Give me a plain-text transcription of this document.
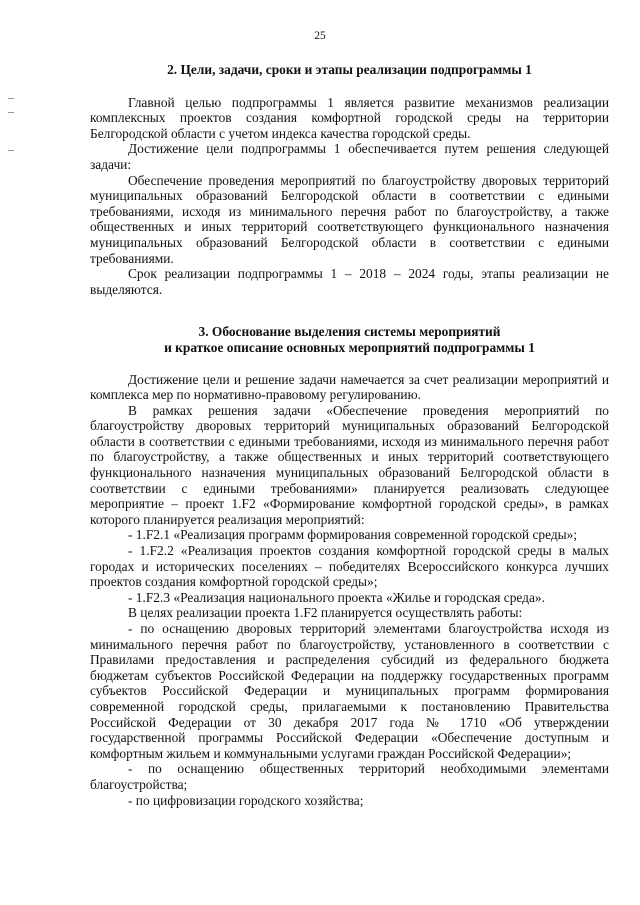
25
2. Цели, задачи, сроки и этапы реализации подпрограммы 1

Главной целью подпрограммы 1 является развитие механизмов реализации комплексных проектов создания комфортной городской среды на территории Белгородской области с учетом индекса качества городской среды.

Достижение цели подпрограммы 1 обеспечивается путем решения следующей задачи:

Обеспечение проведения мероприятий по благоустройству дворовых территорий муниципальных образований Белгородской области в соответствии с едиными требованиями, исходя из минимального перечня работ по благоустройству, а также общественных и иных территорий соответствующего функционального назначения муниципальных образований Белгородской области в соответствии с едиными требованиями.

Срок реализации подпрограммы 1 – 2018 – 2024 годы, этапы реализации не выделяются.

3. Обоснование выделения системы мероприятий
и краткое описание основных мероприятий подпрограммы 1

Достижение цели и решение задачи намечается за счет реализации мероприятий и комплекса мер по нормативно-правовому регулированию.

В рамках решения задачи «Обеспечение проведения мероприятий по благоустройству дворовых территорий муниципальных образований Белгородской области в соответствии с едиными требованиями, исходя из минимального перечня работ по благоустройству, а также общественных и иных территорий соответствующего функционального назначения муниципальных образований Белгородской области в соответствии с едиными требованиями» планируется реализовать следующее мероприятие – проект 1.F2 «Формирование комфортной городской среды», в рамках которого планируется реализация мероприятий:

- 1.F2.1 «Реализация программ формирования современной городской среды»;

- 1.F2.2 «Реализация проектов создания комфортной городской среды в малых городах и исторических поселениях – победителях Всероссийского конкурса лучших проектов создания комфортной городской среды»;

- 1.F2.3 «Реализация национального проекта «Жилье и городская среда».

В целях реализации проекта 1.F2 планируется осуществлять работы:

- по оснащению дворовых территорий элементами благоустройства исходя из минимального перечня работ по благоустройству, установленного в соответствии с Правилами предоставления и распределения субсидий из федерального бюджета бюджетам субъектов Российской Федерации на поддержку государственных программ субъектов Российской Федерации и муниципальных программ формирования современной городской среды, прилагаемыми к постановлению Правительства Российской Федерации от 30 декабря 2017 года № 1710 «Об утверждении государственной программы Российской Федерации «Обеспечение доступным и комфортным жильем и коммунальными услугами граждан Российской Федерации»;

- по оснащению общественных территорий необходимыми элементами благоустройства;

- по цифровизации городского хозяйства;
